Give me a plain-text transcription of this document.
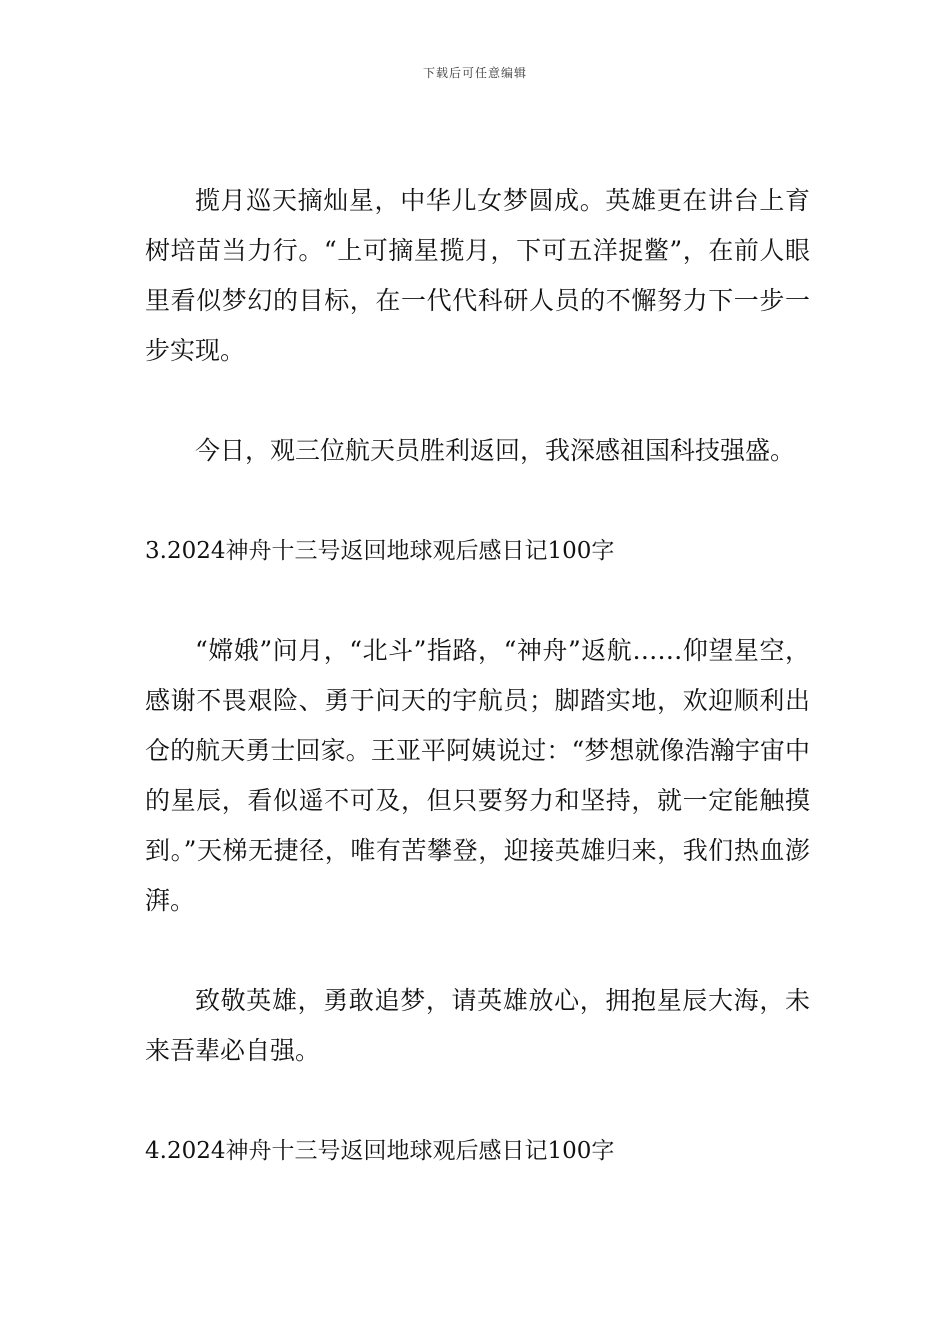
下载后可任意编辑

揽月巡天摘灿星，中华儿女梦圆成。英雄更在讲台上育树培苗当力行。“上可摘星揽月，下可五洋捉鳖”，在前人眼里看似梦幻的目标，在一代代科研人员的不懈努力下一步一步实现。

今日，观三位航天员胜利返回，我深感祖国科技强盛。

3.2024神舟十三号返回地球观后感日记100字

“嫦娥”问月，“北斗”指路，“神舟”返航……仰望星空，感谢不畏艰险、勇于问天的宇航员；脚踏实地，欢迎顺利出仓的航天勇士回家。王亚平阿姨说过：“梦想就像浩瀚宇宙中的星辰，看似遥不可及，但只要努力和坚持，就一定能触摸到。”天梯无捷径，唯有苦攀登，迎接英雄归来，我们热血澎湃。

致敬英雄，勇敢追梦，请英雄放心，拥抱星辰大海，未来吾辈必自强。

4.2024神舟十三号返回地球观后感日记100字
